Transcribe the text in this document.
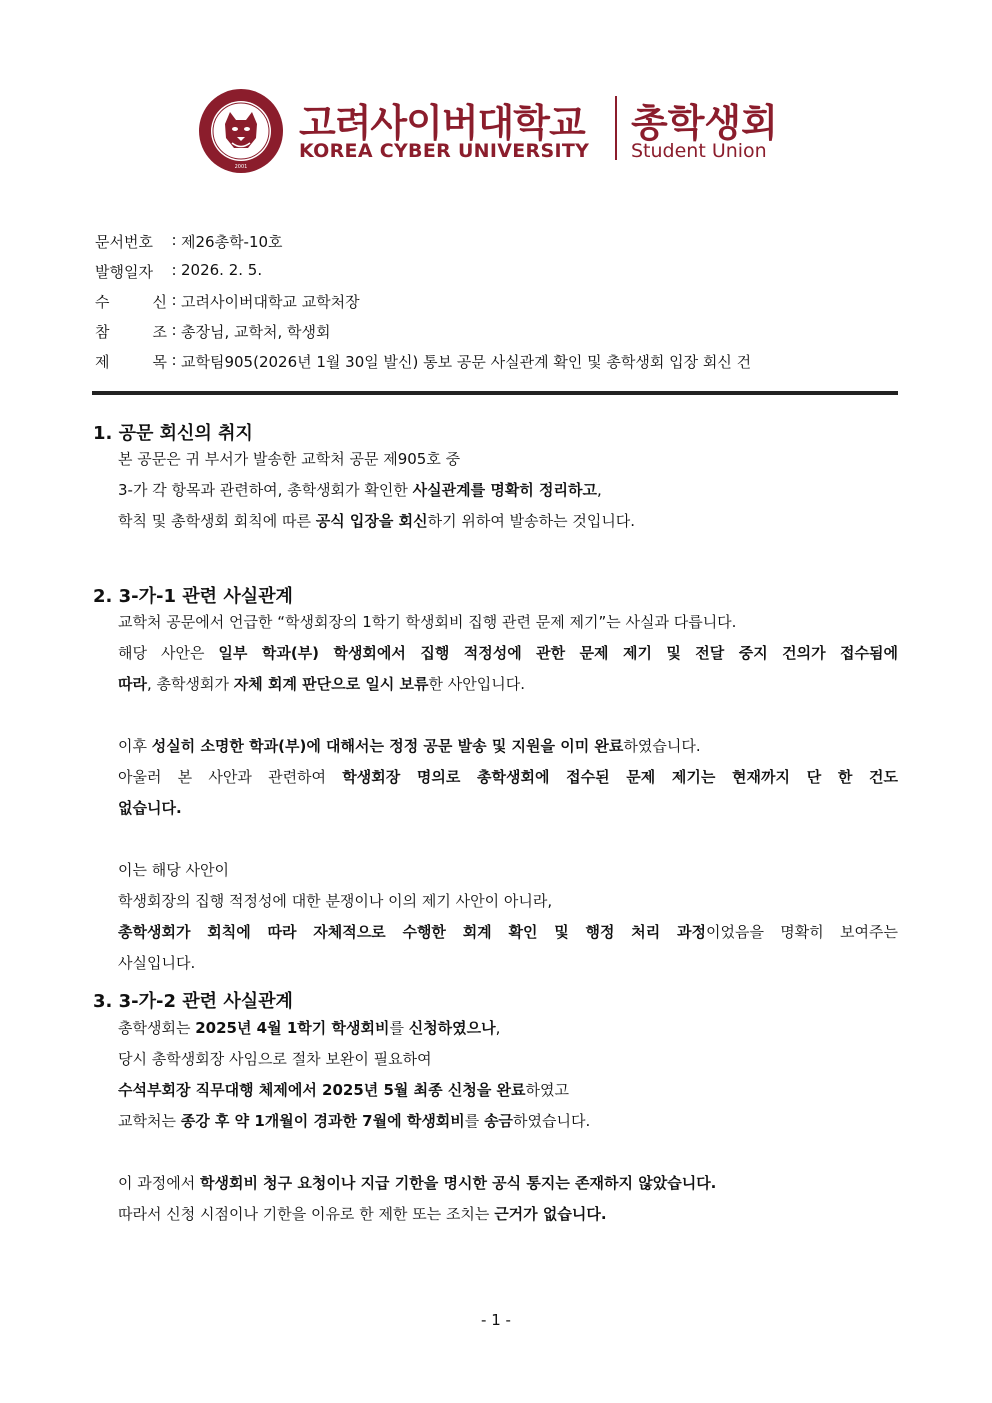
2001
고려사이버대학교
KOREA CYBER UNIVERSITY
총학생회
Student Union
문서번호	: 제26총학-10호
발행일자	: 2026. 2. 5.
수	신 : 고려사이버대학교 교학처장
참	조 : 총장님, 교학처, 학생회
제	목 : 교학팀905(2026년 1월 30일 발신) 통보 공문 사실관계 확인 및 총학생회 입장 회신 건
1. 공문 회신의 취지
본 공문은 귀 부서가 발송한 교학처 공문 제905호 중
3-가 각 항목과 관련하여, 총학생회가 확인한 사실관계를 명확히 정리하고,
학칙 및 총학생회 회칙에 따른 공식 입장을 회신하기 위하여 발송하는 것입니다.
2. 3-가-1 관련 사실관계
교학처 공문에서 언급한 “학생회장의 1학기 학생회비 집행 관련 문제 제기”는 사실과 다릅니다.
해당 사안은 일부 학과(부) 학생회에서 집행 적정성에 관한 문제 제기 및 전달 중지 건의가 접수됨에
따라, 총학생회가 자체 회계 판단으로 일시 보류한 사안입니다.

이후 성실히 소명한 학과(부)에 대해서는 정정 공문 발송 및 지원을 이미 완료하였습니다.
아울러 본 사안과 관련하여 학생회장 명의로 총학생회에 접수된 문제 제기는 현재까지 단 한 건도
없습니다.

이는 해당 사안이
학생회장의 집행 적정성에 대한 분쟁이나 이의 제기 사안이 아니라,
총학생회가 회칙에 따라 자체적으로 수행한 회계 확인 및 행정 처리 과정이었음을 명확히 보여주는
사실입니다.
3. 3-가-2 관련 사실관계
총학생회는 2025년 4월 1학기 학생회비를 신청하였으나,
당시 총학생회장 사임으로 절차 보완이 필요하여
수석부회장 직무대행 체제에서 2025년 5월 최종 신청을 완료하였고
교학처는 종강 후 약 1개월이 경과한 7월에 학생회비를 송금하였습니다.

이 과정에서 학생회비 청구 요청이나 지급 기한을 명시한 공식 통지는 존재하지 않았습니다.
따라서 신청 시점이나 기한을 이유로 한 제한 또는 조치는 근거가 없습니다.
- 1 -
